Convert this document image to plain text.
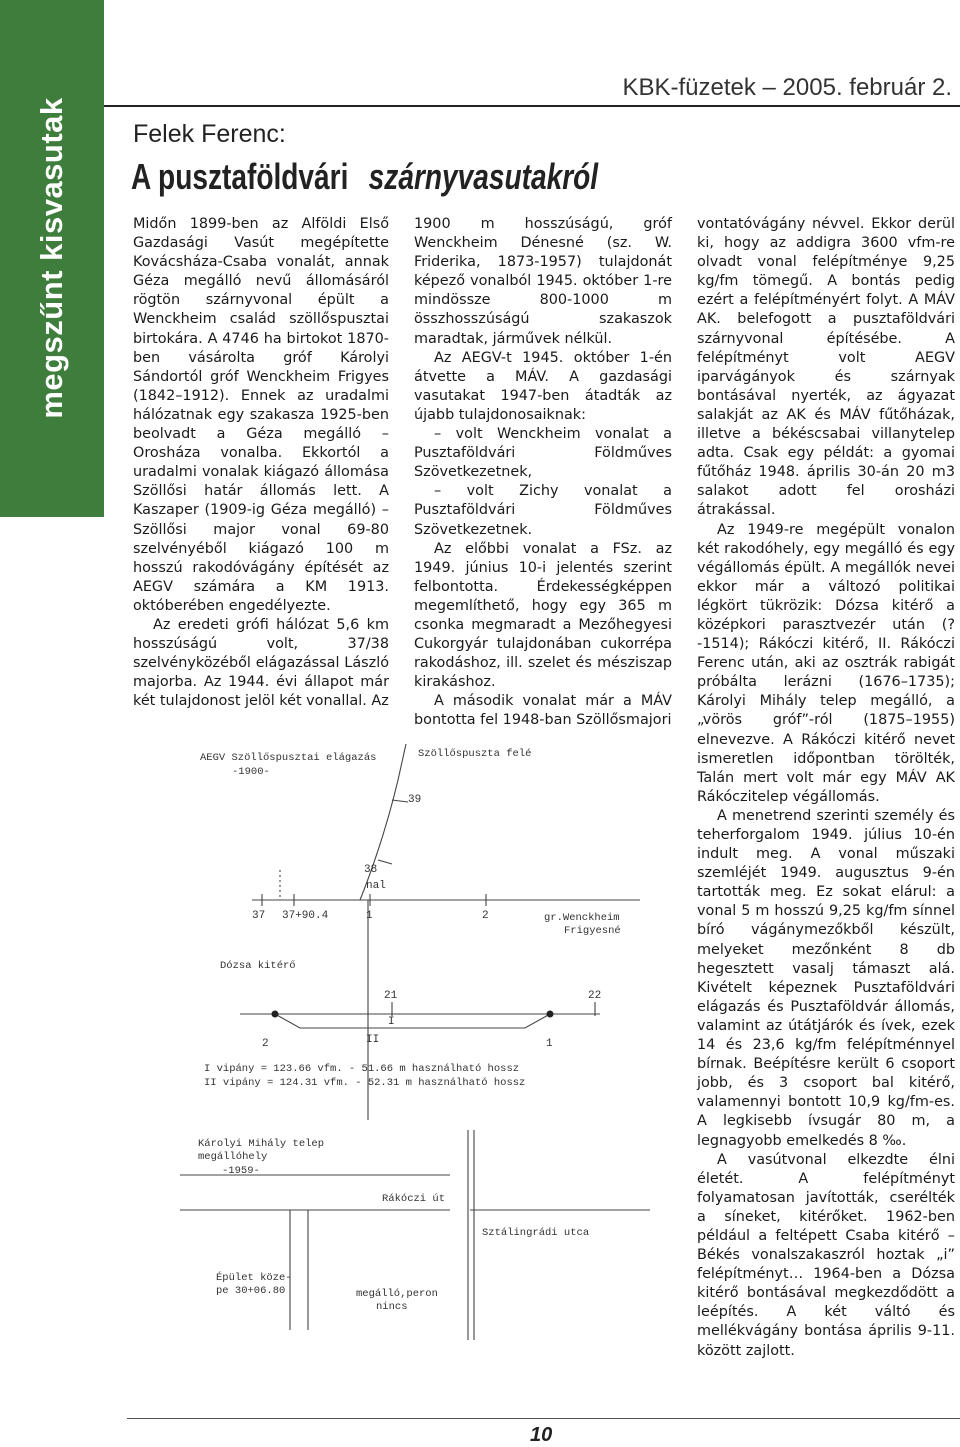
megszűnt kisvasutak
KBK-füzetek – 2005. február 2.
Felek Ferenc:
A pusztaföldvári szárnyvasutakról

Midőn 1899-ben az Alföldi Első Gazdasági Vasút megépítette Kovácsháza-Csaba vonalát, annak Géza megálló nevű állomásáról rögtön szárnyvonal épült a Wenckheim család szöllőspusztai birtokára. A 4746 ha birtokot 1870-ben vásárolta gróf Károlyi Sándortól gróf Wenckheim Frigyes (1842–1912). Ennek az uradalmi hálózatnak egy szakasza 1925-ben beolvadt a Géza megálló – Orosháza vonalba. Ekkortól a uradalmi vonalak kiágazó állomása Szöllősi határ állomás lett. A Kaszaper (1909-ig Géza megálló) – Szöllősi major vonal 69-80 szelvényéből kiágazó 100 m hosszú rakodóvágány építését az AEGV számára a KM 1913. októberében engedélyezte.

Az eredeti grófi hálózat 5,6 km hosszúságú volt, 37/38 szelvényközéből elágazással László majorba. Az 1944. évi állapot már két tulajdonost jelöl két vonallal. Az

1900 m hosszúságú, gróf Wenckheim Dénesné (sz. W. Friderika, 1873-1957) tulajdonát képező vonalból 1945. október 1-re mindössze 800-1000 m összhosszúságú szakaszok maradtak, járművek nélkül.

Az AEGV-t 1945. október 1-én átvette a MÁV. A gazdasági vasutakat 1947-ben átadták az újabb tulajdonosaiknak:

– volt Wenckheim vonalat a Pusztaföldvári Földműves Szövetkezetnek,

– volt Zichy vonalat a Pusztaföldvári Földműves Szövetkezetnek.

Az előbbi vonalat a FSz. az 1949. június 10-i jelentés szerint felbontotta. Érdekességképpen megemlíthető, hogy egy 365 m csonka megmaradt a Mezőhegyesi Cukorgyár tulajdonában cukorrépa rakodáshoz, ill. szelet és mésziszap kirakáshoz.

A második vonalat már a MÁV bontotta fel 1948-ban Szöllősmajori

vontatóvágány névvel. Ekkor derül ki, hogy az addigra 3600 vfm-re olvadt vonal felépítménye 9,25 kg/fm tömegű. A bontás pedig ezért a felépítményért folyt. A MÁV AK. belefogott a pusztaföldvári szárnyvonal építésébe. A felépítményt volt AEGV iparvágányok és szárnyak bontásával nyerték, az ágyazat salakját az AK és MÁV fűtőházak, illetve a békéscsabai villanytelep adta. Csak egy példát: a gyomai fűtőház 1948. április 30-án 20 m3 salakot adott fel orosházi átrakással.

Az 1949-re megépült vonalon két rakodóhely, egy megálló és egy végállomás épült. A megállók nevei ekkor már a változó politikai légkört tükrözik: Dózsa kitérő a középkori parasztvezér után (?-1514); Rákóczi kitérő, II. Rákóczi Ferenc után, aki az osztrák rabigát próbálta lerázni (1676–1735); Károlyi Mihály telep megálló, a „vörös gróf”-ról (1875–1955) elnevezve. A Rákóczi kitérő nevet ismeretlen időpontban törölték, Talán mert volt már egy MÁV AK Rákóczitelep végállomás.

A menetrend szerinti személy és teherforgalom 1949. július 10-én indult meg. A vonal műszaki szemléjét 1949. augusztus 9-én tartották meg. Ez sokat elárul: a vonal 5 m hosszú 9,25 kg/fm sínnel bíró vágánymezőkből készült, melyeket mezőnként 8 db hegesztett vasalj támaszt alá. Kivételt képeznek Pusztaföldvári elágazás és Pusztaföldvár állomás, valamint az útátjárók és ívek, ezek 14 és 23,6 kg/fm felépítménnyel bírnak. Beépítésre került 6 csoport jobb, és 3 csoport bal kitérő, valamennyi bontott 10,9 kg/fm-es. A legkisebb ívsugár 80 m, a legnagyobb emelkedés 8 ‰.

A vasútvonal elkezdte élni életét. A felépítményt folyamatosan javították, cserélték a síneket, kitérőket. 1962-ben például a feltépett Csaba kitérő – Békés vonalszakaszról hoztak „i” felépítményt… 1964-ben a Dózsa kitérő bontásával megkezdődött a leépítés. A két váltó és mellékvágány bontása április 9-11. között zajlott.

AEGV Szöllőspusztai elágazás
-1900-
Szöllőspuszta felé
39
38
nal
37 37+90.4	1	2	gr.Wenckheim
Frigyesné
Dózsa kitérő
21	22
I
II
2	1
I vipány = 123.66 vfm. - 51.66 m használható hossz
II vipány = 124.31 vfm. - 52.31 m használható hossz
Károlyi Mihály telep
megállóhely
-1959-
Rákóczi út
Sztálingrádi utca
Épület köze-
pe 30+06.80	megálló,peron
nincs
10
